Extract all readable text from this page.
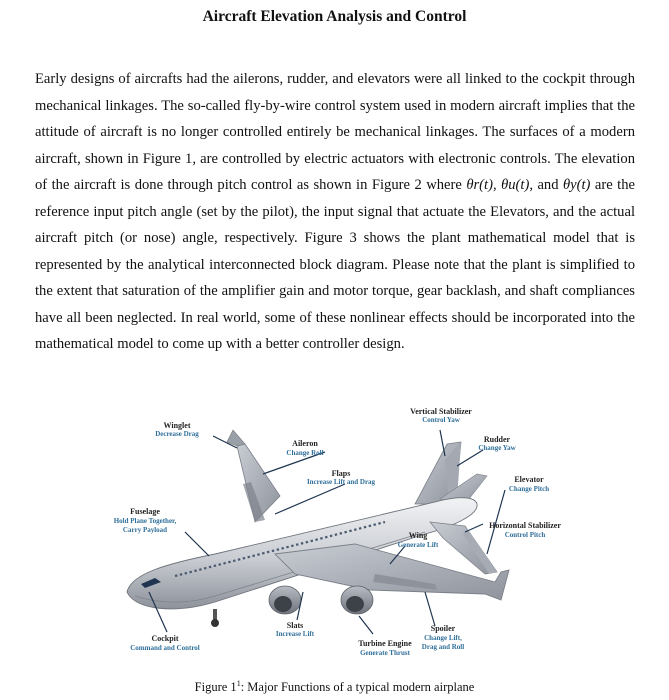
Aircraft Elevation Analysis and Control

Early designs of aircrafts had the ailerons, rudder, and elevators were all linked to the cockpit through mechanical linkages. The so-called fly-by-wire control system used in modern aircraft implies that the attitude of aircraft is no longer controlled entirely be mechanical linkages. The surfaces of a modern aircraft, shown in Figure 1, are controlled by electric actuators with electronic controls. The elevation of the aircraft is done through pitch control as shown in Figure 2 where θr(t), θu(t), and θy(t) are the reference input pitch angle (set by the pilot), the input signal that actuate the Elevators, and the actual aircraft pitch (or nose) angle, respectively. Figure 3 shows the plant mathematical model that is represented by the analytical interconnected block diagram. Please note that the plant is simplified to the extent that saturation of the amplifier gain and motor torque, gear backlash, and shaft compliances have all been neglected. In real world, some of these nonlinear effects should be incorporated into the mathematical model to come up with a better controller design.

Winglet
Decrease Drag
Aileron
Change Roll
Flaps
Increase Lift and Drag
Vertical Stabilizer
Control Yaw
Rudder
Change Yaw
Elevator
Change Pitch
Horizontal Stabilizer
Control Pitch
Fuselage
Hold Plane Together,
Carry Payload
Wing
Generate Lift
Slats
Increase Lift
Cockpit
Command and Control	Turbine Engine
Generate Thrust
Spoiler
Change Lift,
Drag and Roll
Figure $1^1$: Major Functions of a typical modern airplane
